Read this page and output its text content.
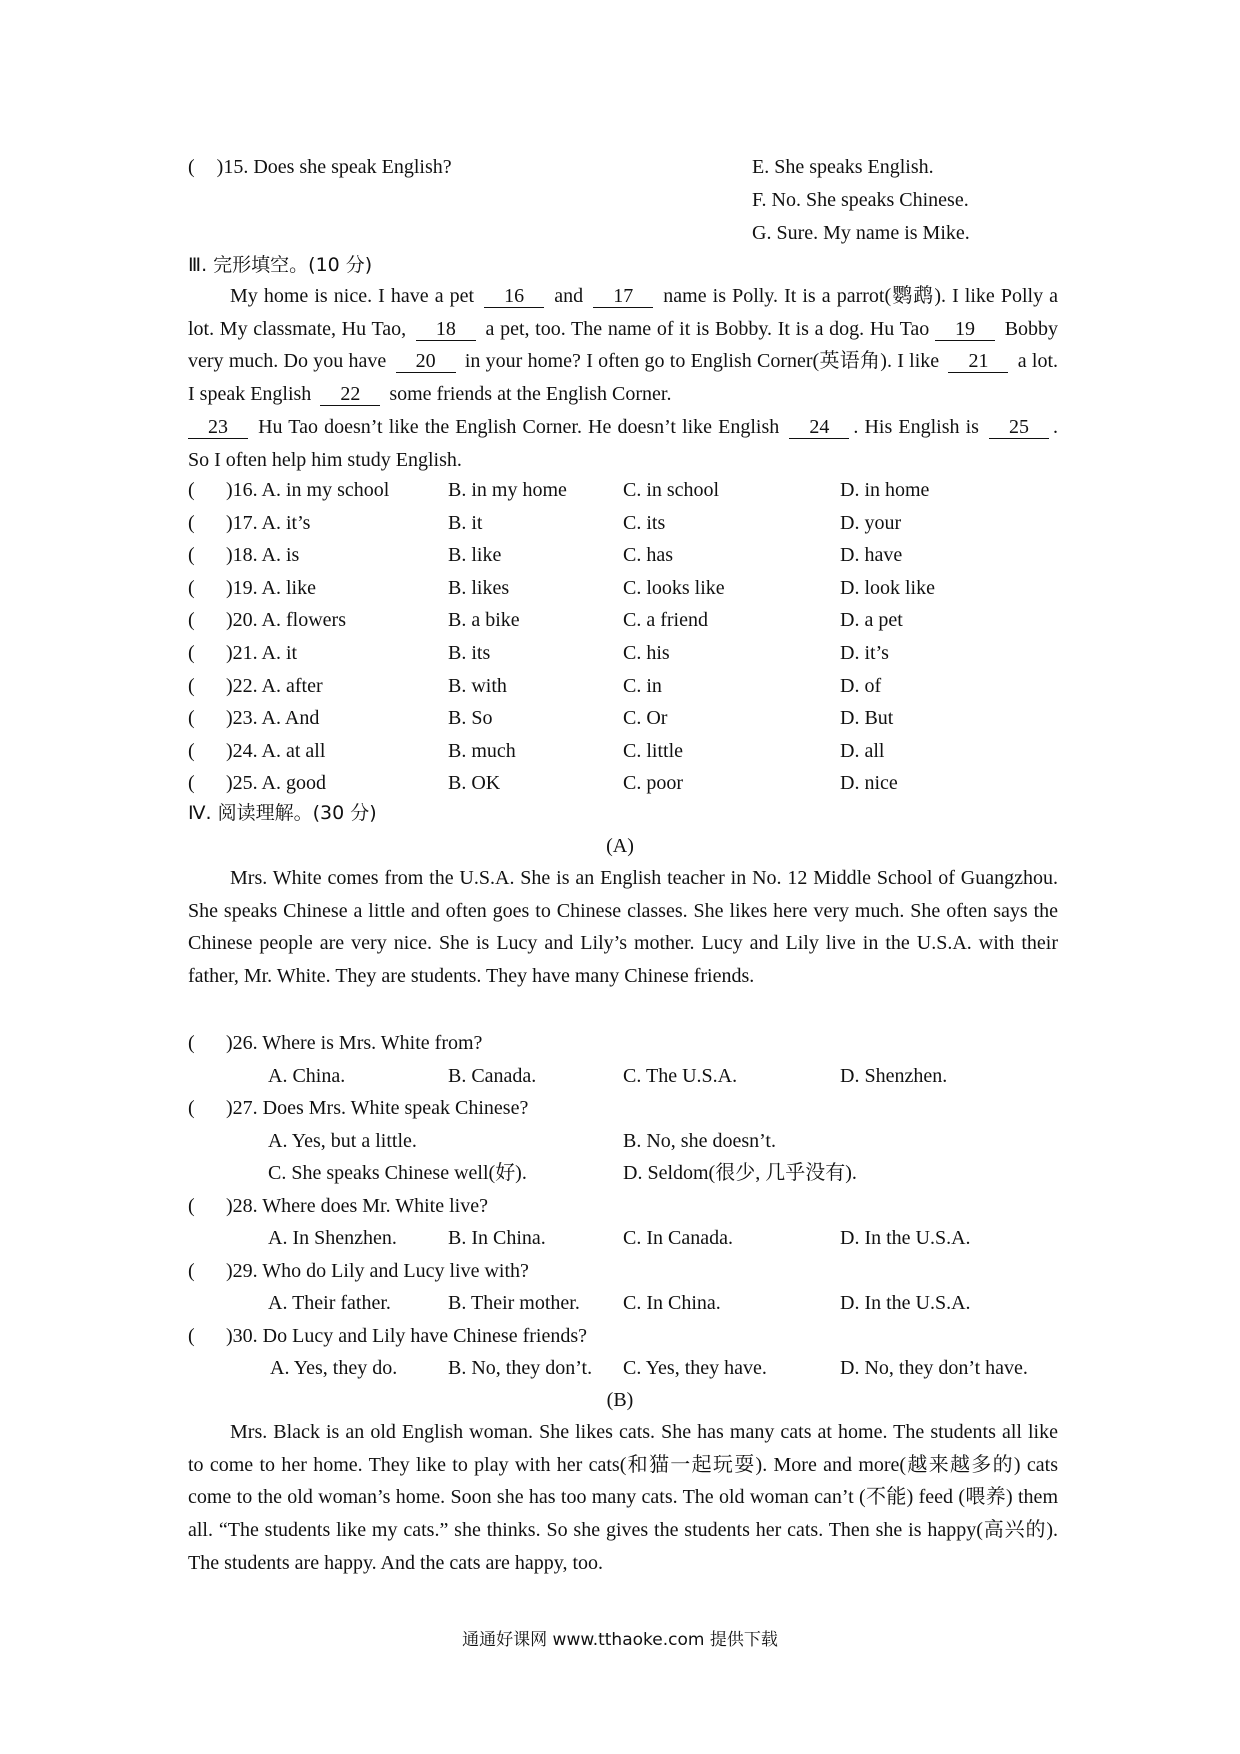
( )15. Does she speak English?	E. She speaks English.
F. No. She speaks Chinese.
G. Sure. My name is Mike.
Ⅲ. 完形填空。(10 分)
My home is nice. I have a pet 16 and 17 name is Polly. It is a parrot(鹦鹉). I like Polly a lot. My classmate, Hu Tao, 18 a pet, too. The name of it is Bobby. It is a dog. Hu Tao 19 Bobby very much. Do you have 20 in your home? I often go to English Corner(英语角). I like 21 a lot. I speak English 22 some friends at the English Corner.
23 Hu Tao doesn’t like the English Corner. He doesn’t like English 24 . His English is 25 . So I often help him study English.
( )16. A. in my school	B. in my home	C. in school	D. in home
( )17. A. it’s	B. it	C. its	D. your
( )18. A. is	B. like	C. has	D. have
( )19. A. like	B. likes	C. looks like	D. look like
( )20. A. flowers	B. a bike	C. a friend	D. a pet
( )21. A. it	B. its	C. his	D. it’s
( )22. A. after	B. with	C. in	D. of
( )23. A. And	B. So	C. Or	D. But
( )24. A. at all	B. much	C. little	D. all
( )25. A. good	B. OK	C. poor	D. nice
Ⅳ. 阅读理解。(30 分)
(A)
Mrs. White comes from the U.S.A. She is an English teacher in No. 12 Middle School of Guangzhou. She speaks Chinese a little and often goes to Chinese classes. She likes here very much. She often says the Chinese people are very nice. She is Lucy and Lily’s mother. Lucy and Lily live in the U.S.A. with their father, Mr. White. They are students. They have many Chinese friends.
( )26. Where is Mrs. White from?
A. China.	B. Canada.	C. The U.S.A.	D. Shenzhen.
( )27. Does Mrs. White speak Chinese?
A. Yes, but a little.	B. No, she doesn’t.
C. She speaks Chinese well(好).	D. Seldom(很少, 几乎没有).
( )28. Where does Mr. White live?
A. In Shenzhen.	B. In China.	C. In Canada.	D. In the U.S.A.
( )29. Who do Lily and Lucy live with?
A. Their father.	B. Their mother. C. In China.	D. In the U.S.A.
( )30. Do Lucy and Lily have Chinese friends?
A. Yes, they do.	B. No, they don’t. C. Yes, they have.	D. No, they don’t have.
(B)
Mrs. Black is an old English woman. She likes cats. She has many cats at home. The students all like to come to her home. They like to play with her cats(和猫一起玩耍). More and more(越来越多的) cats come to the old woman’s home. Soon she has too many cats. The old woman can’t (不能) feed (喂养) them all. “The students like my cats.” she thinks. So she gives the students her cats. Then she is happy(高兴的). The students are happy. And the cats are happy, too.
通通好课网 www.tthaoke.com 提供下载
